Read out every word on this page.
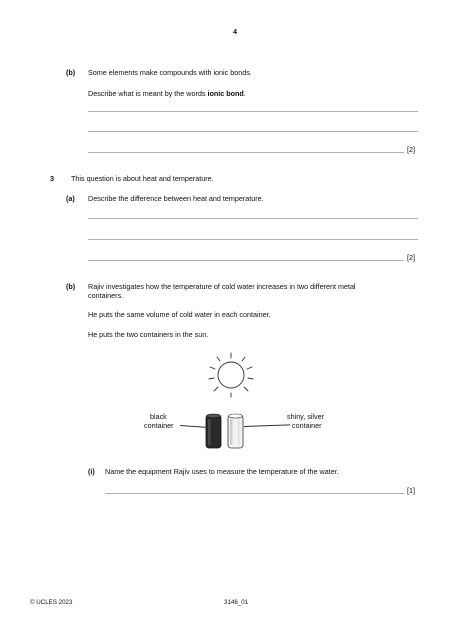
4
(b) Some elements make compounds with ionic bonds.
Describe what is meant by the words ionic bond.
[2]
3 This question is about heat and temperature.
(a) Describe the difference between heat and temperature.
[2]
(b) Rajiv investigates how the temperature of cold water increases in two different metal
containers.
He puts the same volume of cold water in each container.
He puts the two containers in the sun.
black
container
shiny, silver
container
(i) Name the equipment Rajiv uses to measure the temperature of the water.
[1]
© UCLES 2023	3146_01
